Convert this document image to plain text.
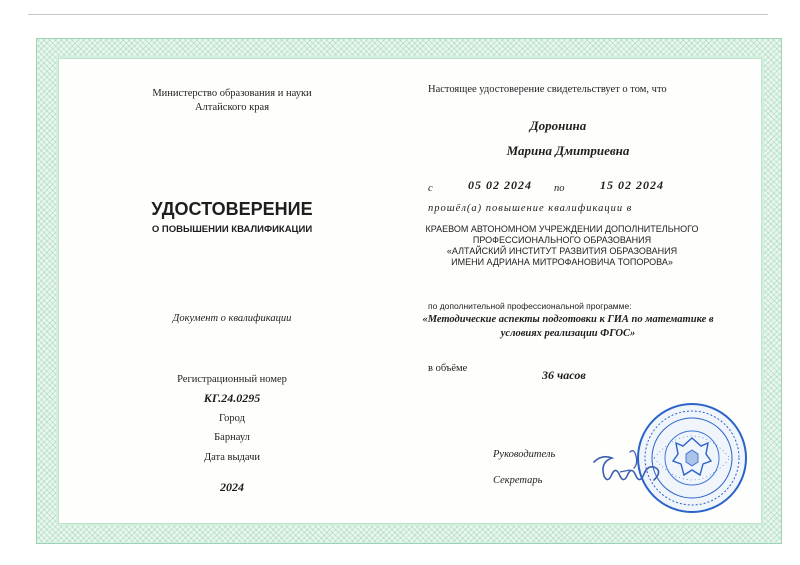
Министерство образования и науки
Алтайского края
УДОСТОВЕРЕНИЕ
О ПОВЫШЕНИИ КВАЛИФИКАЦИИ
Документ о квалификации
Регистрационный номер
КГ.24.0295
Город
Барнаул
Дата выдачи
2024
Настоящее удостоверение свидетельствует о том, что
Доронина
Марина Дмитриевна
с	05 02 2024 по	15 02 2024
прошёл(а) повышение квалификации в
КРАЕВОМ АВТОНОМНОМ УЧРЕЖДЕНИИ ДОПОЛНИТЕЛЬНОГО
ПРОФЕССИОНАЛЬНОГО ОБРАЗОВАНИЯ
«АЛТАЙСКИЙ ИНСТИТУТ РАЗВИТИЯ ОБРАЗОВАНИЯ
ИМЕНИ АДРИАНА МИТРОФАНОВИЧА ТОПОРОВА»
по дополнительной профессиональной программе:
«Методические аспекты подготовки к ГИА по математике в
условиях реализации ФГОС»
в объёме	36 часов
Руководитель
Секретарь
